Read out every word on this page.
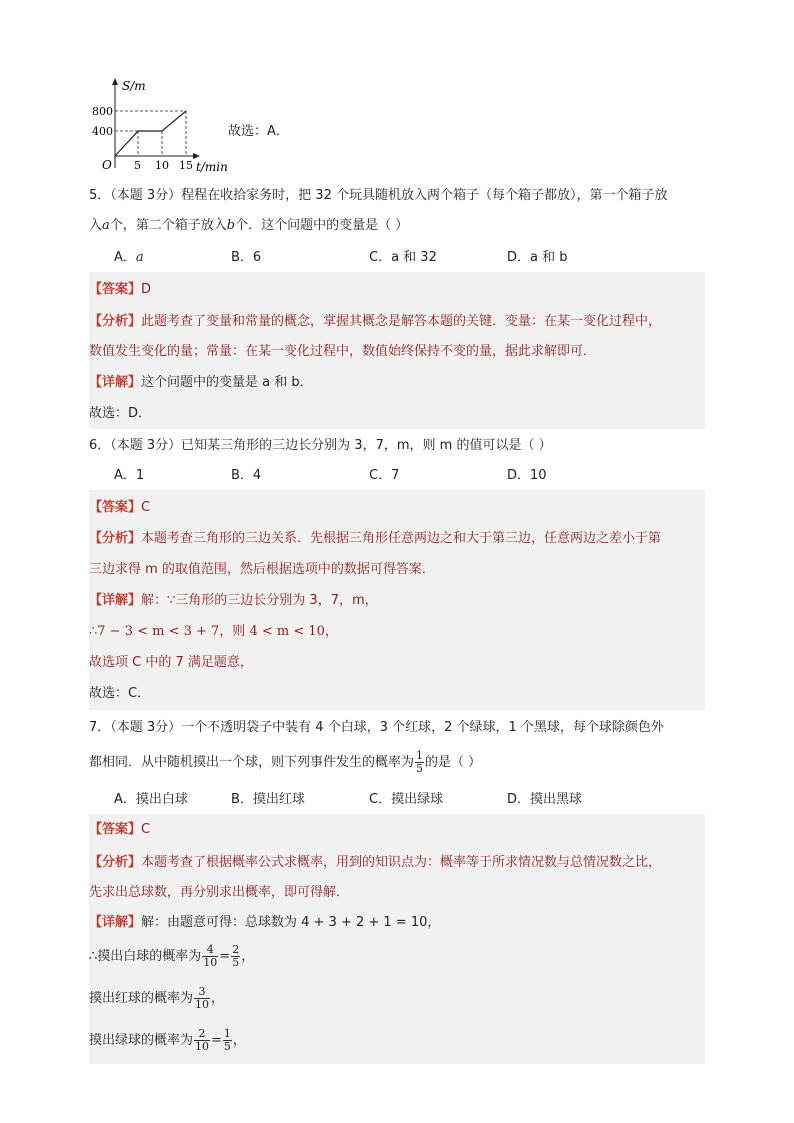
S/m
800
400
O 5 10 15 t/min
故选：A．
5．（本题 3分）程程在收拾家务时，把 32 个玩具随机放入两个箱子（每个箱子都放），第一个箱子放
入a个，第二个箱子放入b个．这个问题中的变量是（ ）
A．a	B．6	C．a 和 32	D．a 和 b
【答案】D
【分析】此题考查了变量和常量的概念，掌握其概念是解答本题的关键．变量：在某一变化过程中，
数值发生变化的量；常量：在某一变化过程中，数值始终保持不变的量，据此求解即可．
【详解】这个问题中的变量是 a 和 b．
故选：D．
6．（本题 3分）已知某三角形的三边长分别为 3，7，m，则 m 的值可以是（ ）
A．1	B．4	C．7	D．10
【答案】C
【分析】本题考查三角形的三边关系．先根据三角形任意两边之和大于第三边，任意两边之差小于第
三边求得 m 的取值范围，然后根据选项中的数据可得答案．
【详解】解：∵三角形的三边长分别为 3，7，m，
∴7 − 3 < m < 3 + 7，则 4 < m < 10，
故选项 C 中的 7 满足题意，
故选：C．
7．（本题 3分）一个不透明袋子中装有 4 个白球，3 个红球，2 个绿球，1 个黑球，每个球除颜色外
都相同．从中随机摸出一个球，则下列事件发生的概率为 $\frac{1}{5}$ 的是（ ）
A．摸出白球	B．摸出红球	C．摸出绿球	D．摸出黑球
【答案】C
【分析】本题考查了根据概率公式求概率，用到的知识点为：概率等于所求情况数与总情况数之比，
先求出总球数，再分别求出概率，即可得解．
【详解】解：由题意可得：总球数为 4 + 3 + 2 + 1 = 10，
∴摸出白球的概率为 $\frac{4}{10} = \frac{2}{5}$ ，
摸出红球的概率为 $\frac{3}{10}$ ，
摸出绿球的概率为 $\frac{2}{10} = \frac{1}{5}$ ，
